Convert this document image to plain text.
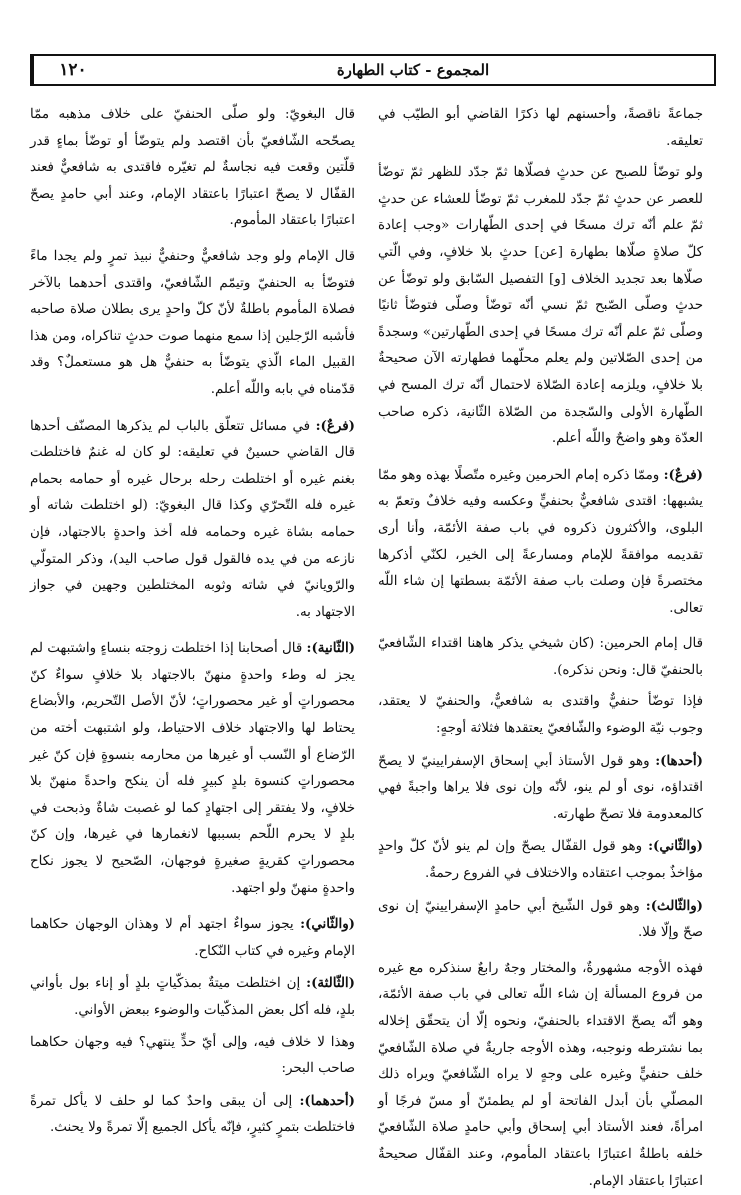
١٢٠	المجموع - كتاب الطهارة

جماعةً ناقصةً، وأحسنهم لها ذكرًا القاضي أبو الطيّب في تعليقه.

ولو توضّأ للصبح عن حدثٍ فصلّاها ثمّ جدّد للظهر ثمّ توضّأ للعصر عن حدثٍ ثمّ جدّد للمغرب ثمّ توضّأ للعشاء عن حدثٍ ثمّ علم أنّه ترك مسحًا في إحدى الطّهارات «وجب إعادة كلّ صلاةٍ صلّاها بطهارة [عن] حدثٍ بلا خلافٍ، وفي الّتي صلّاها بعد تجديد الخلاف [و] التفصيل السّابق ولو توضّأ عن حدثٍ وصلّى الصّبح ثمّ نسي أنّه توضّأ وصلّى فتوضّأ ثانيًا وصلّى ثمّ علم أنّه ترك مسحًا في إحدى الطّهارتين» وسجدةً من إحدى الصّلاتين ولم يعلم محلّهما فطهارته الآن صحيحةٌ بلا خلافٍ، ويلزمه إعادة الصّلاة لاحتمال أنّه ترك المسح في الطّهارة الأولى والسّجدة من الصّلاة الثّانية، ذكره صاحب العدّة وهو واضحٌ واللّه أعلم.

(فرعٌ): وممّا ذكره إمام الحرمين وغيره متّصلًا بهذه وهو ممّا يشبهها: اقتدى شافعيٌّ بحنفيٍّ وعكسه وفيه خلافٌ وتعمّ به البلوى، والأكثرون ذكروه في باب صفة الأئمّة، وأنا أرى تقديمه موافقةً للإمام ومسارعةً إلى الخير، لكنّي أذكرها مختصرةً فإن وصلت باب صفة الأئمّة بسطتها إن شاء اللّه تعالى.

قال إمام الحرمين: (كان شيخي يذكر هاهنا اقتداء الشّافعيّ بالحنفيّ قال: ونحن نذكره).

فإذا توضّأ حنفيٌّ واقتدى به شافعيٌّ، والحنفيّ لا يعتقد، وجوب نيّة الوضوء والشّافعيّ يعتقدها فثلاثة أوجهٍ:

(أحدها): وهو قول الأستاذ أبي إسحاق الإسفرايينيّ لا يصحّ اقتداؤه، نوى أو لم ينو، لأنّه وإن نوى فلا يراها واجبةً فهي كالمعدومة فلا تصحّ طهارته.

(والثّاني): وهو قول القفّال يصحّ وإن لم ينو لأنّ كلّ واحدٍ مؤاخذٌ بموجب اعتقاده والاختلاف في الفروع رحمةٌ.

(والثّالث): وهو قول الشّيخ أبي حامدٍ الإسفرايينيّ إن نوى صحّ وإلّا فلا.

فهذه الأوجه مشهورةٌ، والمختار وجهٌ رابعٌ سنذكره مع غيره من فروع المسألة إن شاء اللّه تعالى في باب صفة الأئمّة، وهو أنّه يصحّ الاقتداء بالحنفيّ، ونحوه إلّا أن يتحقّق إخلاله بما نشترطه ونوجبه، وهذه الأوجه جاريةٌ في صلاة الشّافعيّ خلف حنفيٍّ وغيره على وجهٍ لا يراه الشّافعيّ ويراه ذلك المصلّي بأن أبدل الفاتحة أو لم يطمئنّ أو مسّ فرجًا أو امرأةً، فعند الأستاذ أبي إسحاق وأبي حامدٍ صلاة الشّافعيّ خلفه باطلةٌ اعتبارًا باعتقاد المأموم، وعند القفّال صحيحةٌ اعتبارًا باعتقاد الإمام.

قال البغويّ: ولو صلّى الحنفيّ على خلاف مذهبه ممّا يصحّحه الشّافعيّ بأن اقتصد ولم يتوضّأ أو توضّأ بماءٍ قدر قلّتين وقعت فيه نجاسةٌ لم تغيّره فاقتدى به شافعيٌّ فعند القفّال لا يصحّ اعتبارًا باعتقاد الإمام، وعند أبي حامدٍ يصحّ اعتبارًا باعتقاد المأموم.

قال الإمام ولو وجد شافعيٌّ وحنفيٌّ نبيذ تمرٍ ولم يجدا ماءً فتوضّأ به الحنفيّ وتيمّم الشّافعيّ، واقتدى أحدهما بالآخر فصلاة المأموم باطلةٌ لأنّ كلّ واحدٍ يرى بطلان صلاة صاحبه فأشبه الرّجلين إذا سمع منهما صوت حدثٍ تناكراه، ومن هذا القبيل الماء الّذي يتوضّأ به حنفيٌّ هل هو مستعملٌ؟ وقد قدّمناه في بابه واللّه أعلم.

(فرعٌ): في مسائل تتعلّق بالباب لم يذكرها المصنّف أحدها قال القاضي حسينٌ في تعليقه: لو كان له غنمٌ فاختلطت بغنم غيره أو اختلطت رحله برحال غيره أو حمامه بحمام غيره فله التّحرّي وكذا قال البغويّ: (لو اختلطت شاته أو حمامه بشاة غيره وحمامه فله أخذ واحدةٍ بالاجتهاد، فإن نازعه من في يده فالقول قول صاحب اليد)، وذكر المتولّي والرّويانيّ في شاته وثوبه المختلطين وجهين في جواز الاجتهاد به.

(الثّانية): قال أصحابنا إذا اختلطت زوجته بنساءٍ واشتبهت لم يجز له وطء واحدةٍ منهنّ بالاجتهاد بلا خلافٍ سواءٌ كنّ محصوراتٍ أو غير محصوراتٍ؛ لأنّ الأصل التّحريم، والأبضاع يحتاط لها والاجتهاد خلاف الاحتياط، ولو اشتبهت أخته من الرّضاع أو النّسب أو غيرها من محارمه بنسوةٍ فإن كنّ غير محصوراتٍ كنسوة بلدٍ كبيرٍ فله أن ينكح واحدةً منهنّ بلا خلافٍ، ولا يفتقر إلى اجتهادٍ كما لو غصبت شاةٌ وذبحت في بلدٍ لا يحرم اللّحم بسببها لانغمارها في غيرها، وإن كنّ محصوراتٍ كقريةٍ صغيرةٍ فوجهان، الصّحيح لا يجوز نكاح واحدةٍ منهنّ ولو اجتهد.

(والثّاني): يجوز سواءٌ اجتهد أم لا وهذان الوجهان حكاهما الإمام وغيره في كتاب النّكاح.

(الثّالثة): إن اختلطت ميتةٌ بمذكّياتٍ بلدٍ أو إناء بول بأواني بلدٍ، فله أكل بعض المذكّيات والوضوء ببعض الأواني.

وهذا لا خلاف فيه، وإلى أيّ حدٍّ ينتهي؟ فيه وجهان حكاهما صاحب البحر:

(أحدهما): إلى أن يبقى واحدٌ كما لو حلف لا يأكل تمرةً فاختلطت بتمرٍ كثيرٍ، فإنّه يأكل الجميع إلّا تمرةً ولا يحنث.
